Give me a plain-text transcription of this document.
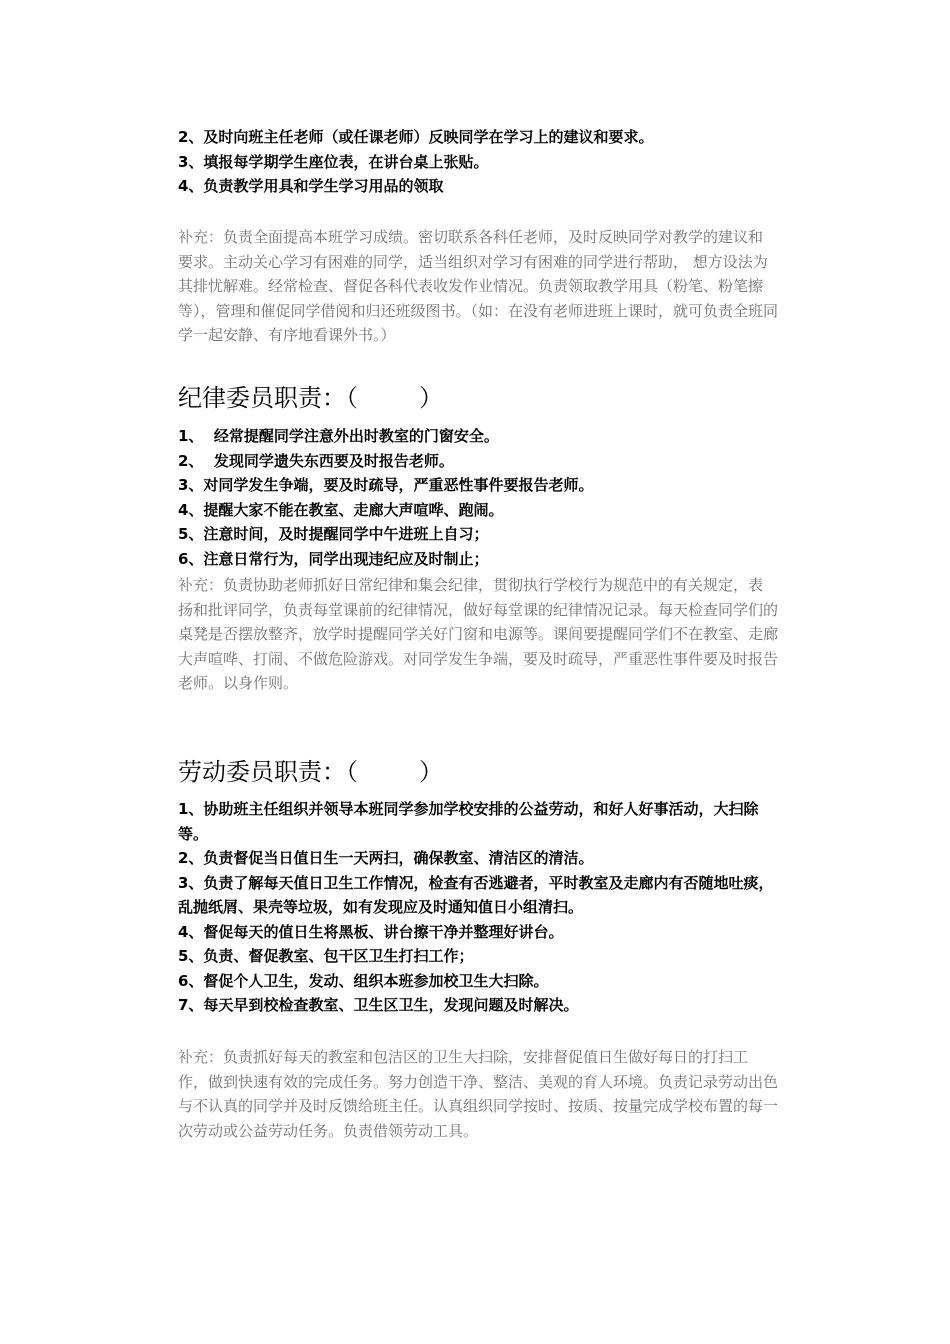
2、及时向班主任老师（或任课老师）反映同学在学习上的建议和要求。

3、填报每学期学生座位表，在讲台桌上张贴。

4、负责教学用具和学生学习用品的领取

补充：负责全面提高本班学习成绩。密切联系各科任老师，及时反映同学对教学的建议和要求。主动关心学习有困难的同学，适当组织对学习有困难的同学进行帮助， 想方设法为其排忧解难。经常检查、督促各科代表收发作业情况。负责领取教学用具（粉笔、粉笔擦等），管理和催促同学借阅和归还班级图书。（如：在没有老师进班上课时，就可负责全班同学一起安静、有序地看课外书。）

纪律委员职责：（        ）

1、  经常提醒同学注意外出时教室的门窗安全。

2、  发现同学遗失东西要及时报告老师。

3、对同学发生争端，要及时疏导，严重恶性事件要报告老师。

4、提醒大家不能在教室、走廊大声喧哗、跑闹。

5、注意时间，及时提醒同学中午进班上自习；

6、注意日常行为，同学出现违纪应及时制止；

补充：负责协助老师抓好日常纪律和集会纪律，贯彻执行学校行为规范中的有关规定，表扬和批评同学，负责每堂课前的纪律情况，做好每堂课的纪律情况记录。每天检查同学们的桌凳是否摆放整齐，放学时提醒同学关好门窗和电源等。课间要提醒同学们不在教室、走廊大声喧哗、打闹、不做危险游戏。对同学发生争端，要及时疏导，严重恶性事件要及时报告老师。以身作则。

劳动委员职责：（        ）

1、协助班主任组织并领导本班同学参加学校安排的公益劳动，和好人好事活动，大扫除等。

2、负责督促当日值日生一天两扫，确保教室、清洁区的清洁。

3、负责了解每天值日卫生工作情况，检查有否逃避者，平时教室及走廊内有否随地吐痰，乱抛纸屑、果壳等垃圾，如有发现应及时通知值日小组清扫。

4、督促每天的值日生将黑板、讲台擦干净并整理好讲台。

5、负责、督促教室、包干区卫生打扫工作；

6、督促个人卫生，发动、组织本班参加校卫生大扫除。

7、每天早到校检查教室、卫生区卫生，发现问题及时解决。

补充：负责抓好每天的教室和包洁区的卫生大扫除，安排督促值日生做好每日的打扫工作，做到快速有效的完成任务。努力创造干净、整洁、美观的育人环境。负责记录劳动出色与不认真的同学并及时反馈给班主任。认真组织同学按时、按质、按量完成学校布置的每一次劳动或公益劳动任务。负责借领劳动工具。
